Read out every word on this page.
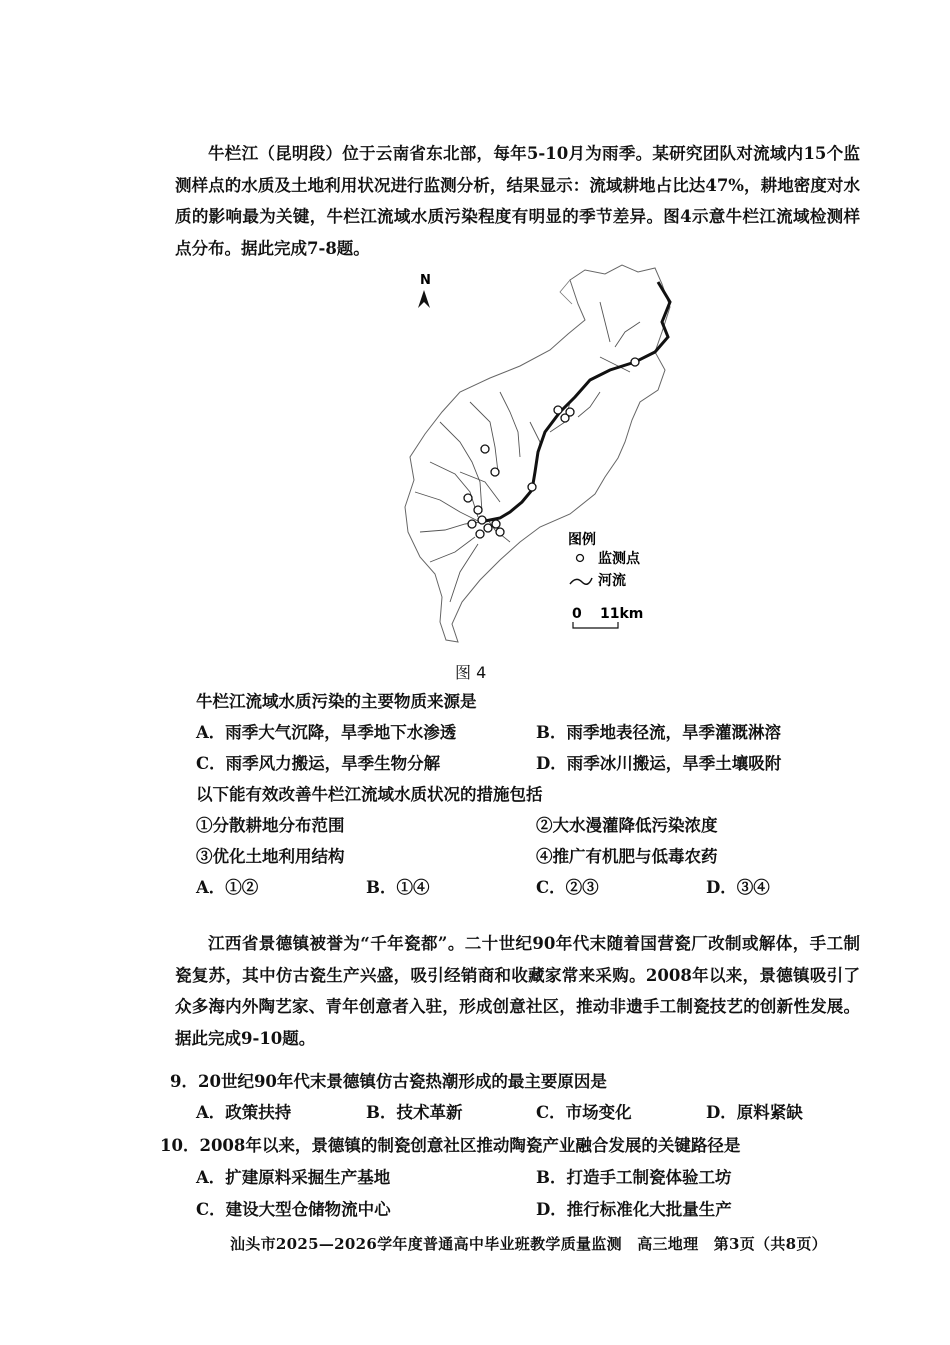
牛栏江（昆明段）位于云南省东北部，每年5-10月为雨季。某研究团队对流域内15个监测样点的水质及土地利用状况进行监测分析，结果显示：流域耕地占比达47%，耕地密度对水质的影响最为关键，牛栏江流域水质污染程度有明显的季节差异。图4示意牛栏江流域检测样点分布。据此完成7-8题。
N
图例
监测点
河流
0 11km
图 4
牛栏江流域水质污染的主要物质来源是
A．雨季大气沉降，旱季地下水渗透	B．雨季地表径流，旱季灌溉淋溶
C．雨季风力搬运，旱季生物分解	D．雨季冰川搬运，旱季土壤吸附
以下能有效改善牛栏江流域水质状况的措施包括
①分散耕地分布范围	②大水漫灌降低污染浓度
③优化土地利用结构	④推广有机肥与低毒农药
A．①②	B．①④	C．②③	D．③④
江西省景德镇被誉为“千年瓷都”。二十世纪90年代末随着国营瓷厂改制或解体，手工制瓷复苏，其中仿古瓷生产兴盛，吸引经销商和收藏家常来采购。2008年以来，景德镇吸引了众多海内外陶艺家、青年创意者入驻，形成创意社区，推动非遗手工制瓷技艺的创新性发展。据此完成9-10题。
9．20世纪90年代末景德镇仿古瓷热潮形成的最主要原因是
A．政策扶持	B．技术革新	C．市场变化	D．原料紧缺
10．2008年以来，景德镇的制瓷创意社区推动陶瓷产业融合发展的关键路径是
A．扩建原料采掘生产基地	B．打造手工制瓷体验工坊
C．建设大型仓储物流中心	D．推行标准化大批量生产
汕头市2025—2026学年度普通高中毕业班教学质量监测　高三地理　第3页（共8页）
